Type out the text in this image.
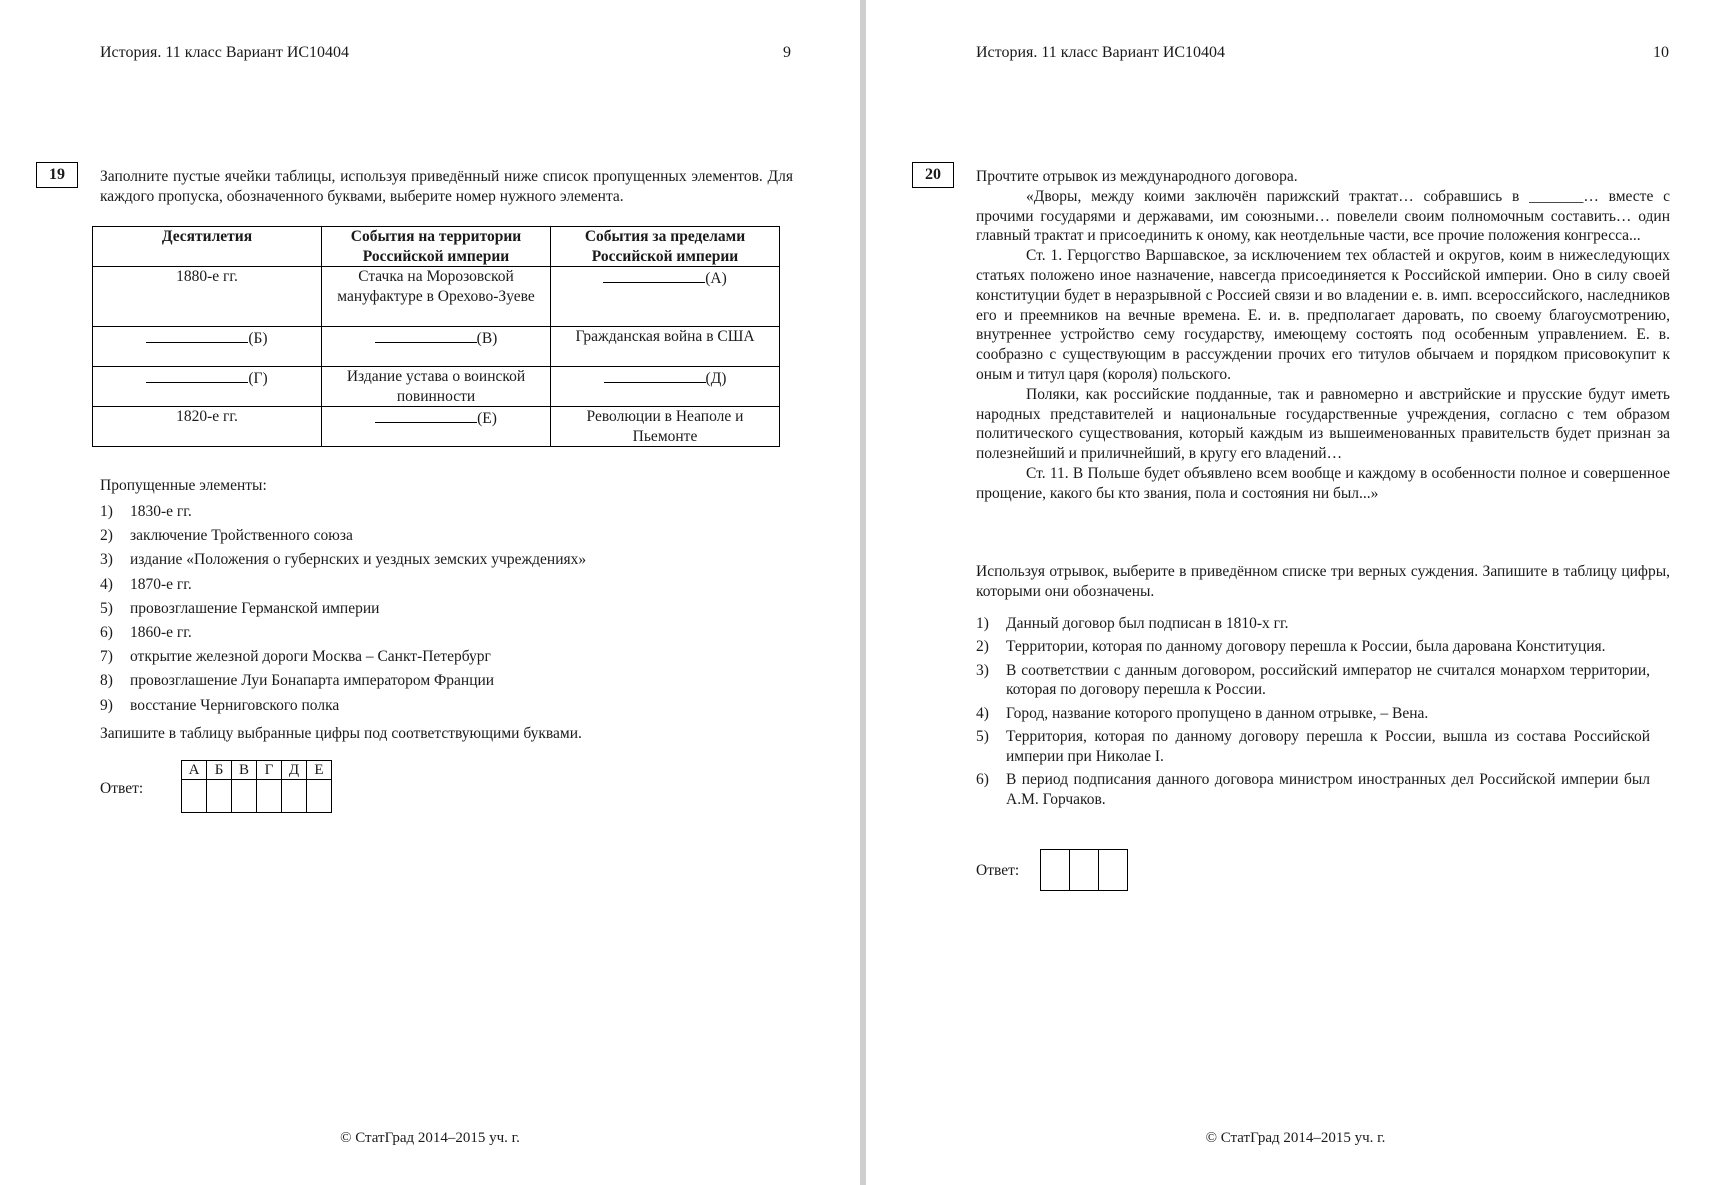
История. 11 класс Вариант ИС10404	9
19	Заполните пустые ячейки таблицы, используя приведённый ниже список пропущенных элементов. Для каждого пропуска, обозначенного буквами, выберите номер нужного элемента.
Десятилетия	События на территории Российской империи	События за пределами Российской империи
1880-е гг.	Стачка на Морозовской мануфактуре в Орехово-Зуеве	(А)
(Б)	(В)	Гражданская война в США
(Г)	Издание устава о воинской повинности	(Д)
1820-е гг.	(Е)	Революции в Неаполе и Пьемонте
Пропущенные элементы:
1)	1830-е гг.
2)	заключение Тройственного союза
3)	издание «Положения о губернских и уездных земских учреждениях»
4)	1870-е гг.
5)	провозглашение Германской империи
6)	1860-е гг.
7)	открытие железной дороги Москва – Санкт-Петербург
8)	провозглашение Луи Бонапарта императором Франции
9)	восстание Черниговского полка
Запишите в таблицу выбранные цифры под соответствующими буквами.
Ответ:
А	Б	В	Г	Д	Е

© СтатГрад 2014–2015 уч. г.
История. 11 класс Вариант ИС10404	10
20	Прочтите отрывок из международного договора.
«Дворы, между коими заключён парижский трактат… собравшись в _______… вместе с прочими государями и державами, им союзными… повелели своим полномочным составить… один главный трактат и присоединить к оному, как неотдельные части, все прочие положения конгресса...
Ст. 1. Герцогство Варшавское, за исключением тех областей и округов, коим в нижеследующих статьях положено иное назначение, навсегда присоединяется к Российской империи. Оно в силу своей конституции будет в неразрывной с Россией связи и во владении е. в. имп. всероссийского, наследников его и преемников на вечные времена. Е. и. в. предполагает даровать, по своему благоусмотрению, внутреннее устройство сему государству, имеющему состоять под особенным управлением. Е. в. сообразно с существующим в рассуждении прочих его титулов обычаем и порядком присовокупит к оным и титул царя (короля) польского.
Поляки, как российские подданные, так и равномерно и австрийские и прусские будут иметь народных представителей и национальные государственные учреждения, согласно с тем образом политического существования, который каждым из вышеименованных правительств будет признан за полезнейший и приличнейший, в кругу его владений…
Ст. 11. В Польше будет объявлено всем вообще и каждому в особенности полное и совершенное прощение, какого бы кто звания, пола и состояния ни был...»
Используя отрывок, выберите в приведённом списке три верных суждения. Запишите в таблицу цифры, которыми они обозначены.
1)	Данный договор был подписан в 1810-х гг.
2)	Территории, которая по данному договору перешла к России, была дарована Конституция.
3)	В соответствии с данным договором, российский император не считался монархом территории, которая по договору перешла к России.
4)	Город, название которого пропущено в данном отрывке, – Вена.
5)	Территория, которая по данному договору перешла к России, вышла из состава Российской империи при Николае I.
6)	В период подписания данного договора министром иностранных дел Российской империи был А.М. Горчаков.
Ответ:

© СтатГрад 2014–2015 уч. г.
